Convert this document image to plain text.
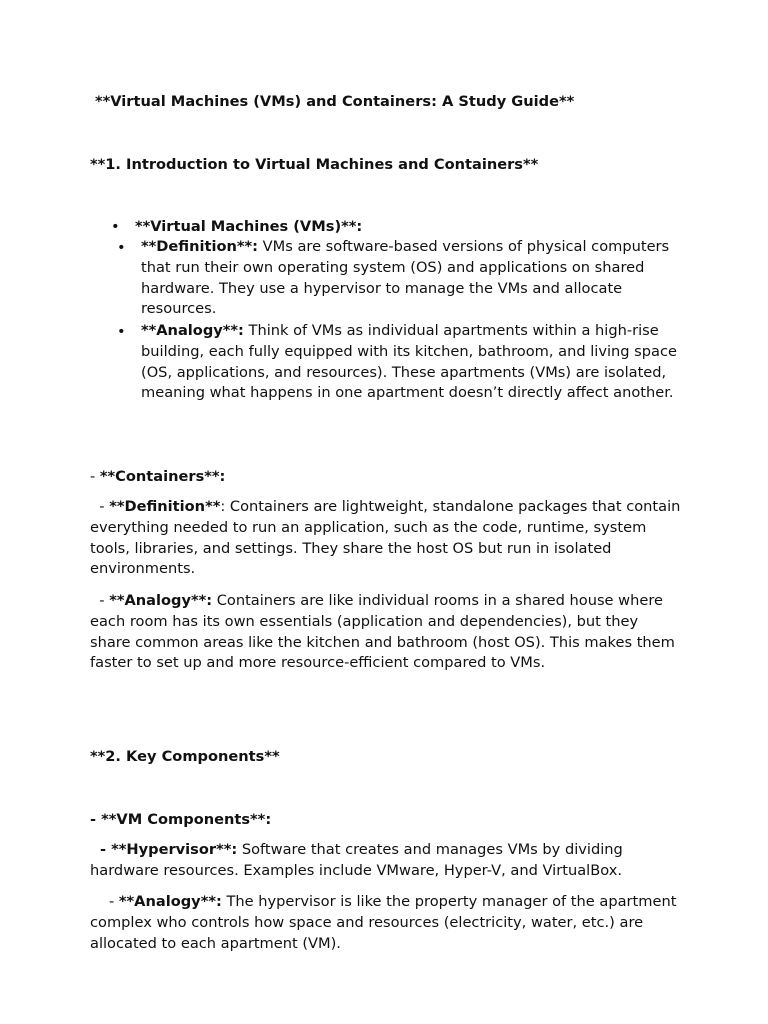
**Virtual Machines (VMs) and Containers: A Study Guide**
**1. Introduction to Virtual Machines and Containers**
• **Virtual Machines (VMs)**:
• **Definition**: VMs are software-based versions of physical computers that run their own operating system (OS) and applications on shared hardware. They use a hypervisor to manage the VMs and allocate resources.
• **Analogy**: Think of VMs as individual apartments within a high-rise building, each fully equipped with its kitchen, bathroom, and living space (OS, applications, and resources). These apartments (VMs) are isolated, meaning what happens in one apartment doesn’t directly affect another.
- **Containers**:
- **Definition**: Containers are lightweight, standalone packages that contain everything needed to run an application, such as the code, runtime, system tools, libraries, and settings. They share the host OS but run in isolated environments.
- **Analogy**: Containers are like individual rooms in a shared house where each room has its own essentials (application and dependencies), but they share common areas like the kitchen and bathroom (host OS). This makes them faster to set up and more resource-efficient compared to VMs.
**2. Key Components**
- **VM Components**:
- **Hypervisor**: Software that creates and manages VMs by dividing hardware resources. Examples include VMware, Hyper-V, and VirtualBox.
- **Analogy**: The hypervisor is like the property manager of the apartment complex who controls how space and resources (electricity, water, etc.) are allocated to each apartment (VM).
